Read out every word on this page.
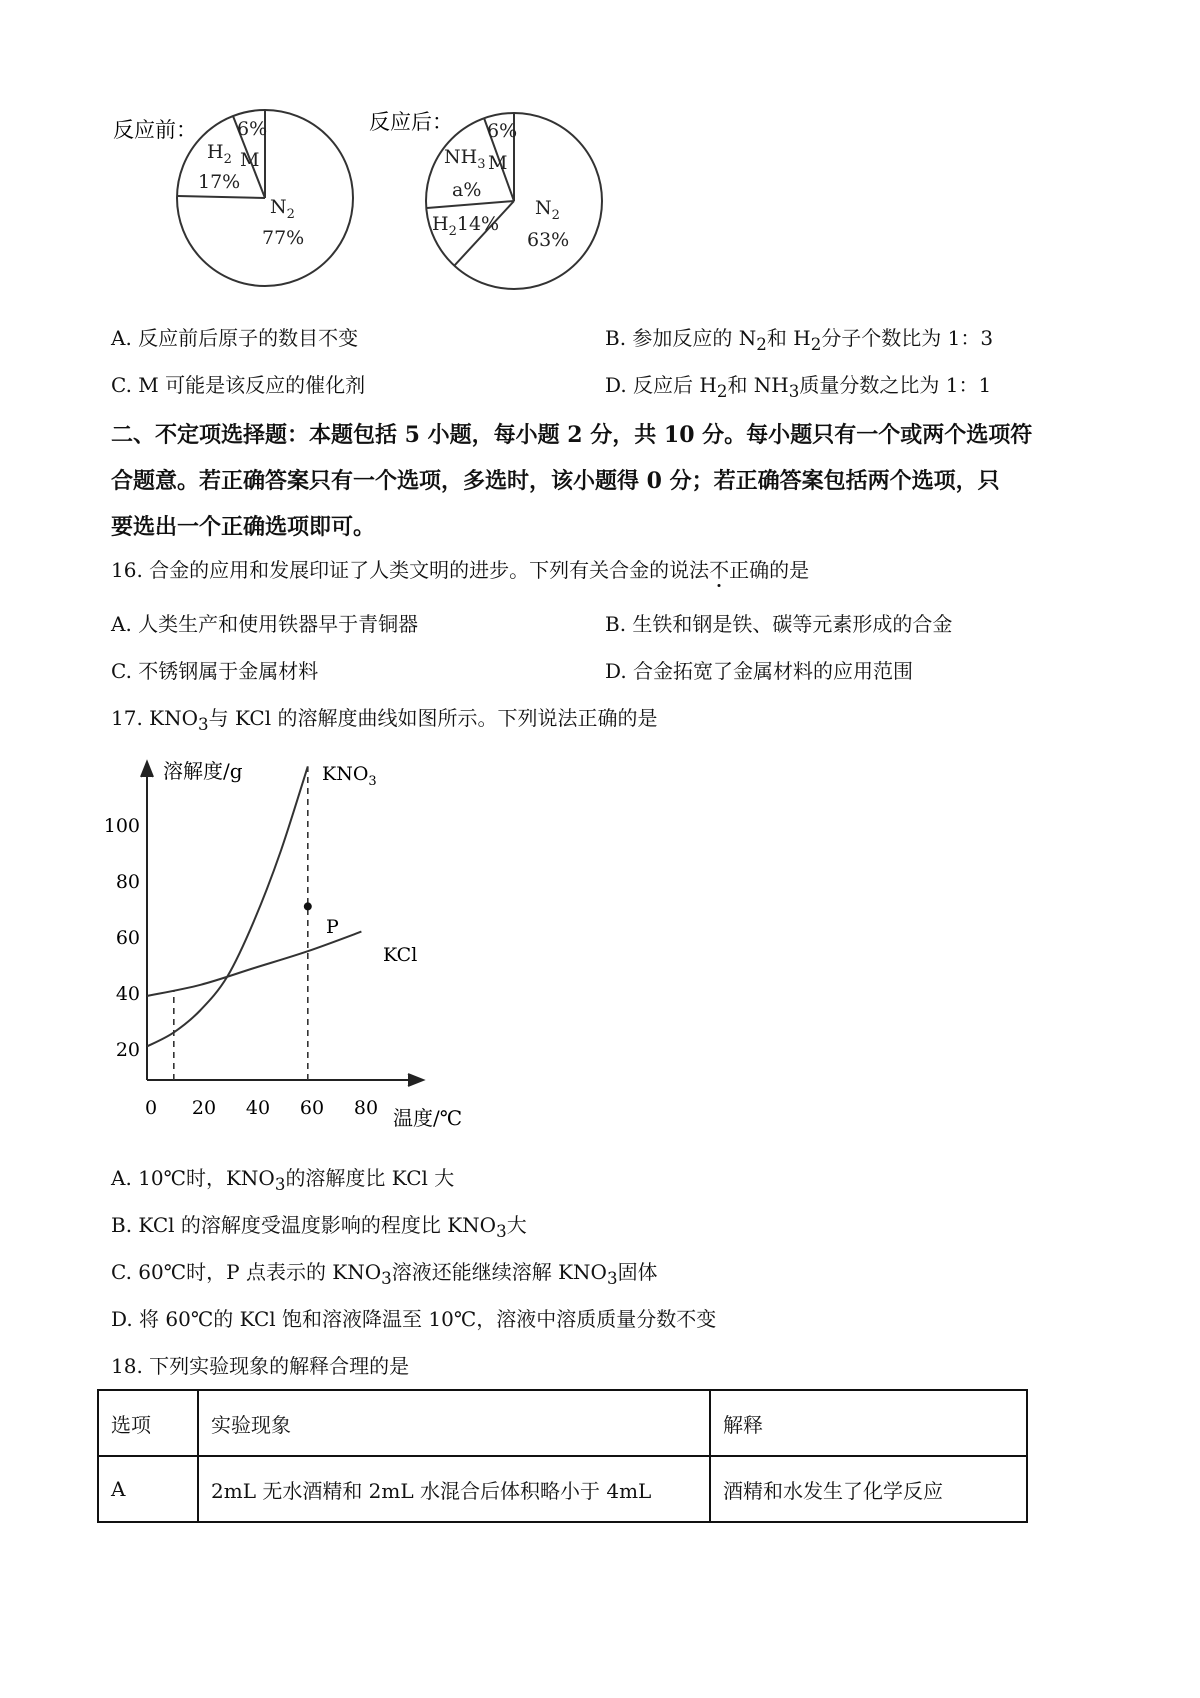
反应前： 6%
M
$H_2$
17%
$N_2$
77%
反应后： 6%
M
$NH_3$
a%
$H_214\%$
$N_2$
63%
A. 反应前后原子的数目不变	B. 参加反应的 $N_2$和 $H_2$分子个数比为 1：3
C. M 可能是该反应的催化剂	D. 反应后 $H_2$和 $NH_3$质量分数之比为 1：1
二、不定项选择题：本题包括 5 小题，每小题 2 分，共 10 分。每小题只有一个或两个选项符
合题意。若正确答案只有一个选项，多选时，该小题得 0 分；若正确答案包括两个选项，只
要选出一个正确选项即可。
16. 合金的应用和发展印证了人类文明的进步。下列有关合金的说法不正确的是
A. 人类生产和使用铁器早于青铜器	B. 生铁和钢是铁、碳等元素形成的合金
C. 不锈钢属于金属材料	D. 合金拓宽了金属材料的应用范围
17. $KNO_3$与 KCl 的溶解度曲线如图所示。下列说法正确的是
溶解度/g
温度/℃
0 20 40 60 80
20
40
60
80
100
$KNO_3$
KCl
P
A. 10℃时，$KNO_3$的溶解度比 KCl 大
B. KCl 的溶解度受温度影响的程度比 $KNO_3$大
C. 60℃时，P 点表示的 $KNO_3$溶液还能继续溶解 $KNO_3$固体
D. 将 60℃的 KCl 饱和溶液降温至 10℃，溶液中溶质质量分数不变
18. 下列实验现象的解释合理的是
选项	实验现象	解释
A	2mL 无水酒精和 2mL 水混合后体积略小于 4mL	酒精和水发生了化学反应
